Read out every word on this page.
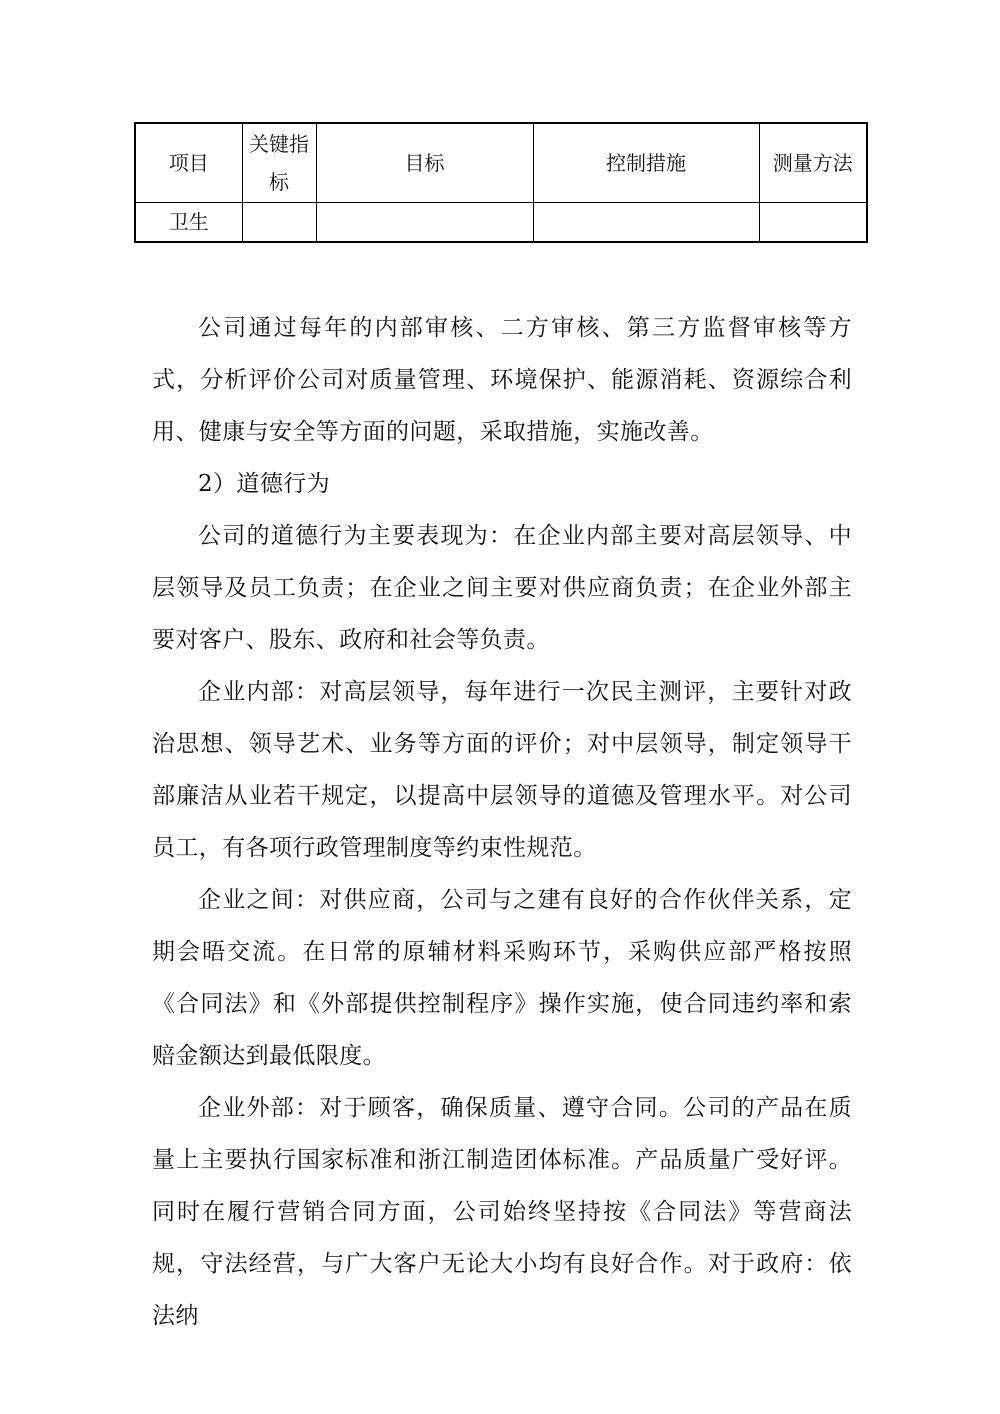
项目	关键指标	目标	控制措施	测量方法
卫生				

公司通过每年的内部审核、二方审核、第三方监督审核等方式，分析评价公司对质量管理、环境保护、能源消耗、资源综合利用、健康与安全等方面的问题，采取措施，实施改善。

2）道德行为

公司的道德行为主要表现为：在企业内部主要对高层领导、中层领导及员工负责；在企业之间主要对供应商负责；在企业外部主要对客户、股东、政府和社会等负责。

企业内部：对高层领导，每年进行一次民主测评，主要针对政治思想、领导艺术、业务等方面的评价；对中层领导，制定领导干部廉洁从业若干规定，以提高中层领导的道德及管理水平。对公司员工，有各项行政管理制度等约束性规范。

企业之间：对供应商，公司与之建有良好的合作伙伴关系，定期会晤交流。在日常的原辅材料采购环节，采购供应部严格按照《合同法》和《外部提供控制程序》操作实施，使合同违约率和索赔金额达到最低限度。

企业外部：对于顾客，确保质量、遵守合同。公司的产品在质量上主要执行国家标准和浙江制造团体标准。产品质量广受好评。同时在履行营销合同方面，公司始终坚持按《合同法》等营商法规，守法经营，与广大客户无论大小均有良好合作。对于政府：依法纳
